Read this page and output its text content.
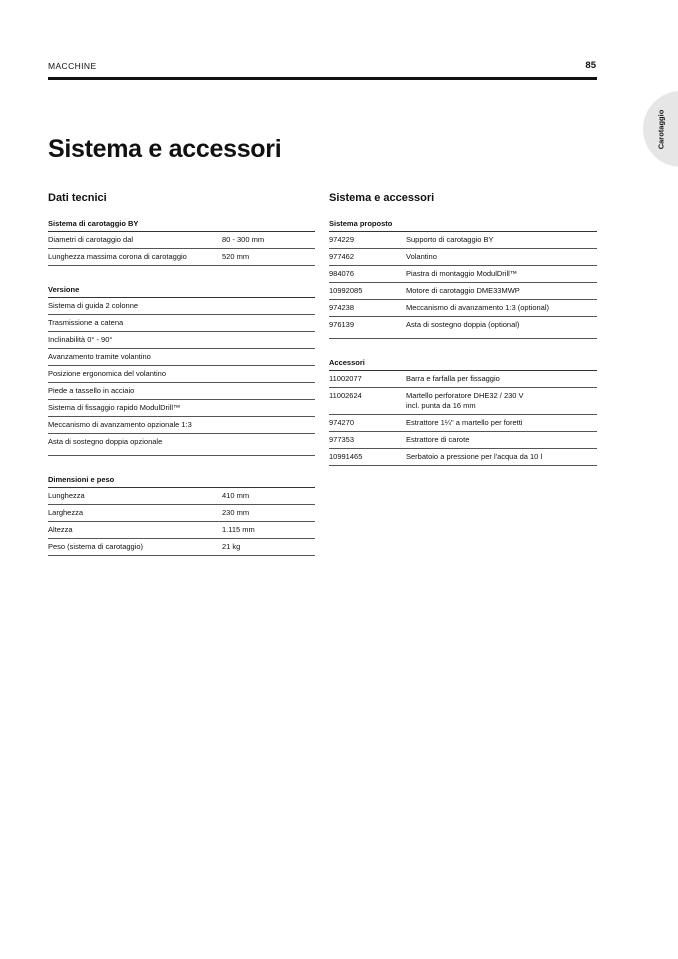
MACCHINE	85
Carotaggio
Sistema e accessori
Dati tecnici
Sistema di carotaggio BY
Diametri di carotaggio dal	80 - 300 mm
Lunghezza massima corona di carotaggio	520 mm
Versione
Sistema di guida 2 colonne
Trasmissione a catena
Inclinabilità 0° - 90°
Avanzamento tramite volantino
Posizione ergonomica del volantino
Piede a tassello in acciaio
Sistema di fissaggio rapido ModulDrill™
Meccanismo di avanzamento opzionale 1:3
Asta di sostegno doppia opzionale
Dimensioni e peso
Lunghezza	410 mm
Larghezza	230 mm
Altezza	1.115 mm
Peso (sistema di carotaggio)	21 kg
Sistema e accessori
Sistema proposto
974229	Supporto di carotaggio BY
977462	Volantino
984076	Piastra di montaggio ModulDrill™
10992085	Motore di carotaggio DME33MWP
974238	Meccanismo di avanzamento 1:3 (optional)
976139	Asta di sostegno doppia (optional)
Accessori
11002077	Barra e farfalla per fissaggio
11002624	Martello perforatore DHE32 / 230 V
incl. punta da 16 mm
974270	Estrattore 1¼" a martello per foretti
977353	Estrattore di carote
10991465	Serbatoio a pressione per l'acqua da 10 l
